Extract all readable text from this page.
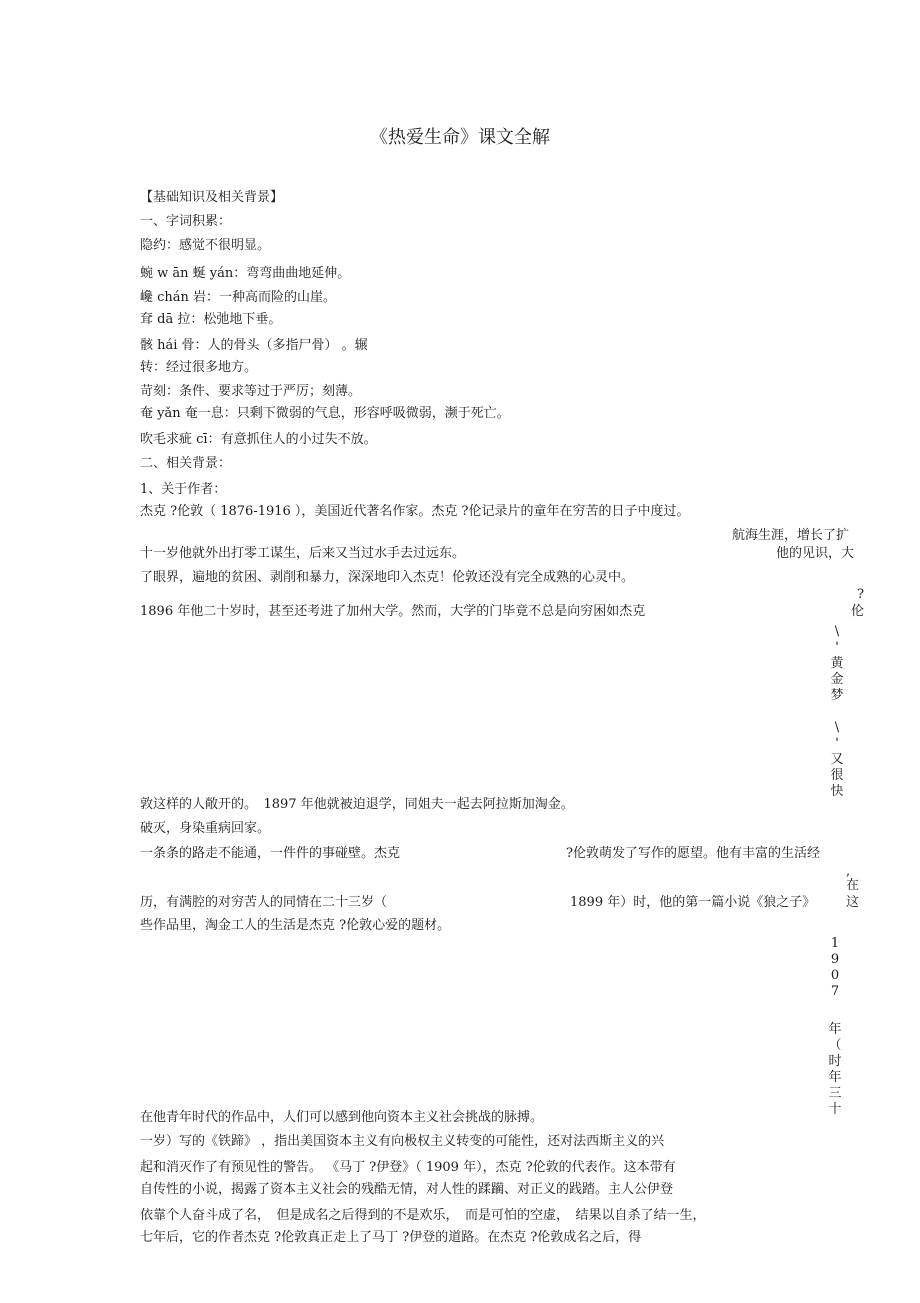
《热爱生命》课文全解
【基础知识及相关背景】
一、字词积累：
隐约：感觉不很明显。
蜿 w ān 蜒 yán：弯弯曲曲地延伸。
巉 chán 岩：一种高而险的山崖。
耷 dā 拉：松弛地下垂。
骸 hái 骨：人的骨头（多指尸骨） 。辗
转：经过很多地方。
苛刻：条件、要求等过于严厉；刻薄。
奄 yǎn 奄一息：只剩下微弱的气息，形容呼吸微弱，濒于死亡。
吹毛求疵 cī：有意抓住人的小过失不放。
二、相关背景：
1、关于作者：
杰克 ?伦敦（ 1876-1916 ），美国近代著名作家。杰克 ?伦记录片的童年在穷苦的日子中度过。
航海生涯，增长了扩
十一岁他就外出打零工谋生，后来又当过水手去过远东。	他的见识，大
了眼界，遍地的贫困、剥削和暴力，深深地印入杰克！伦敦还没有完全成熟的心灵中。
?
1896 年他二十岁时，甚至还考进了加州大学。然而，大学的门毕竟不总是向穷困如杰克	伦
\
'
黄
金
梦
\
'
又
很
快
敦这样的人敞开的。　1897 年他就被迫退学，同姐夫一起去阿拉斯加淘金。
破灭，身染重病回家。
一条条的路走不能通，一件件的事碰壁。杰克	?伦敦萌发了写作的愿望。他有丰富的生活经
,
在
历，有满腔的对穷苦人的同情在二十三岁（	1899 年）时，他的第一篇小说《狼之子》 这
些作品里，淘金工人的生活是杰克 ?伦敦心爱的题材。
1
9
0
7
年
（
时
年
三
十
在他青年时代的作品中，人们可以感到他向资本主义社会挑战的脉搏。
一岁）写的《铁蹄》 ，指出美国资本主义有向极权主义转变的可能性，还对法西斯主义的兴
起和消灭作了有预见性的警告。 《马丁 ?伊登》（ 1909 年），杰克 ?伦敦的代表作。这本带有
自传性的小说，揭露了资本主义社会的残酷无情，对人性的蹂躏、对正义的践踏。主人公伊登
依靠个人奋斗成了名，　但是成名之后得到的不是欢乐，　而是可怕的空虚，　结果以自杀了结一生，
七年后，它的作者杰克 ?伦敦真正走上了马丁 ?伊登的道路。在杰克 ?伦敦成名之后，得
